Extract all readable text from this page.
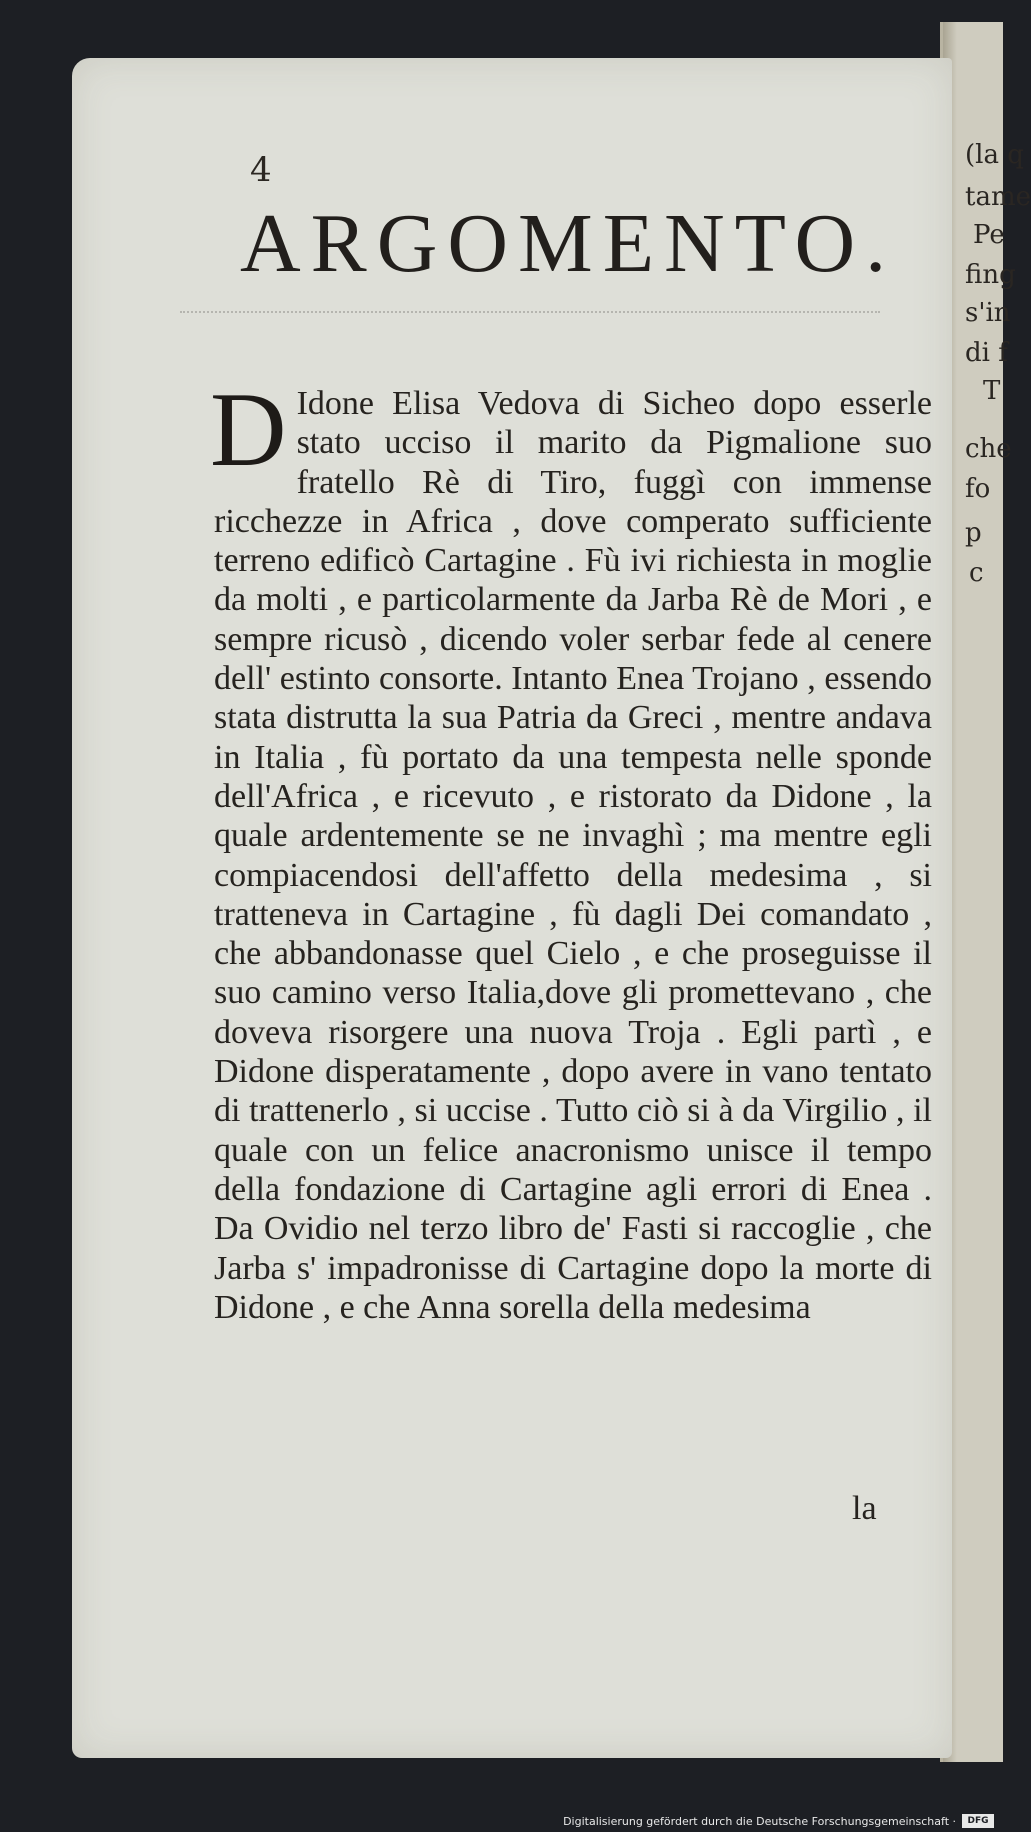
(la q
tame
Pe
fing
s'in
di f
T
che
fo
p
c
4
ARGOMENTO.
D Idone Elisa Vedova di Sicheo dopo esserle stato ucciso il marito da Pigmalione suo fratello Rè di Tiro, fuggì con immense ricchezze in Africa , dove comperato sufficiente terreno edificò Cartagine . Fù ivi richiesta in moglie da molti , e particolarmente da Jarba Rè de Mori , e sempre ricusò , dicendo voler serbar fede al cenere dell' estinto consorte. Intanto Enea Trojano , essendo stata distrutta la sua Patria da Greci , mentre andava in Italia , fù portato da una tempesta nelle sponde dell'Africa , e ricevuto , e ristorato da Didone , la quale ardentemente se ne invaghì ; ma mentre egli compiacendosi dell'affetto della medesima , si tratteneva in Cartagine , fù dagli Dei comandato , che abbandonasse quel Cielo , e che proseguisse il suo camino verso Italia,dove gli promettevano , che doveva risorgere una nuova Troja . Egli partì , e Didone disperatamente , dopo avere in vano tentato di trattenerlo , si uccise . Tutto ciò si à da Virgilio , il quale con un felice anacronismo unisce il tempo della fondazione di Cartagine agli errori di Enea . Da Ovidio nel terzo libro de' Fasti si raccoglie , che Jarba s' impadronisse di Cartagine dopo la morte di Didone , e che Anna sorella della medesima
la
Digitalisierung gefördert durch die Deutsche Forschungsgemeinschaft ·	DFG
